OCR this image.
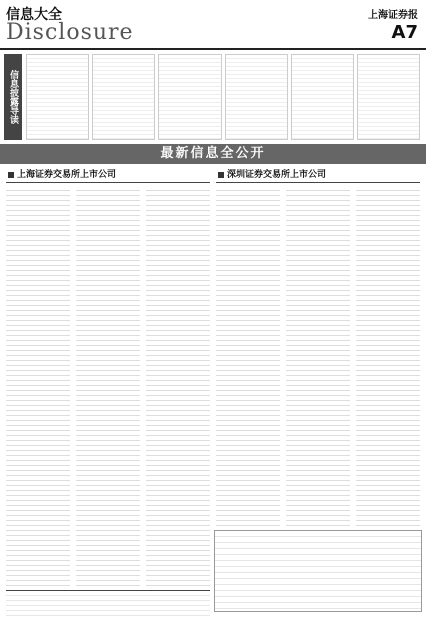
信息大全	上海证券报
Disclosure	A7
信息披露导读
最新信息全公开
上海证券交易所上市公司	深圳证券交易所上市公司
